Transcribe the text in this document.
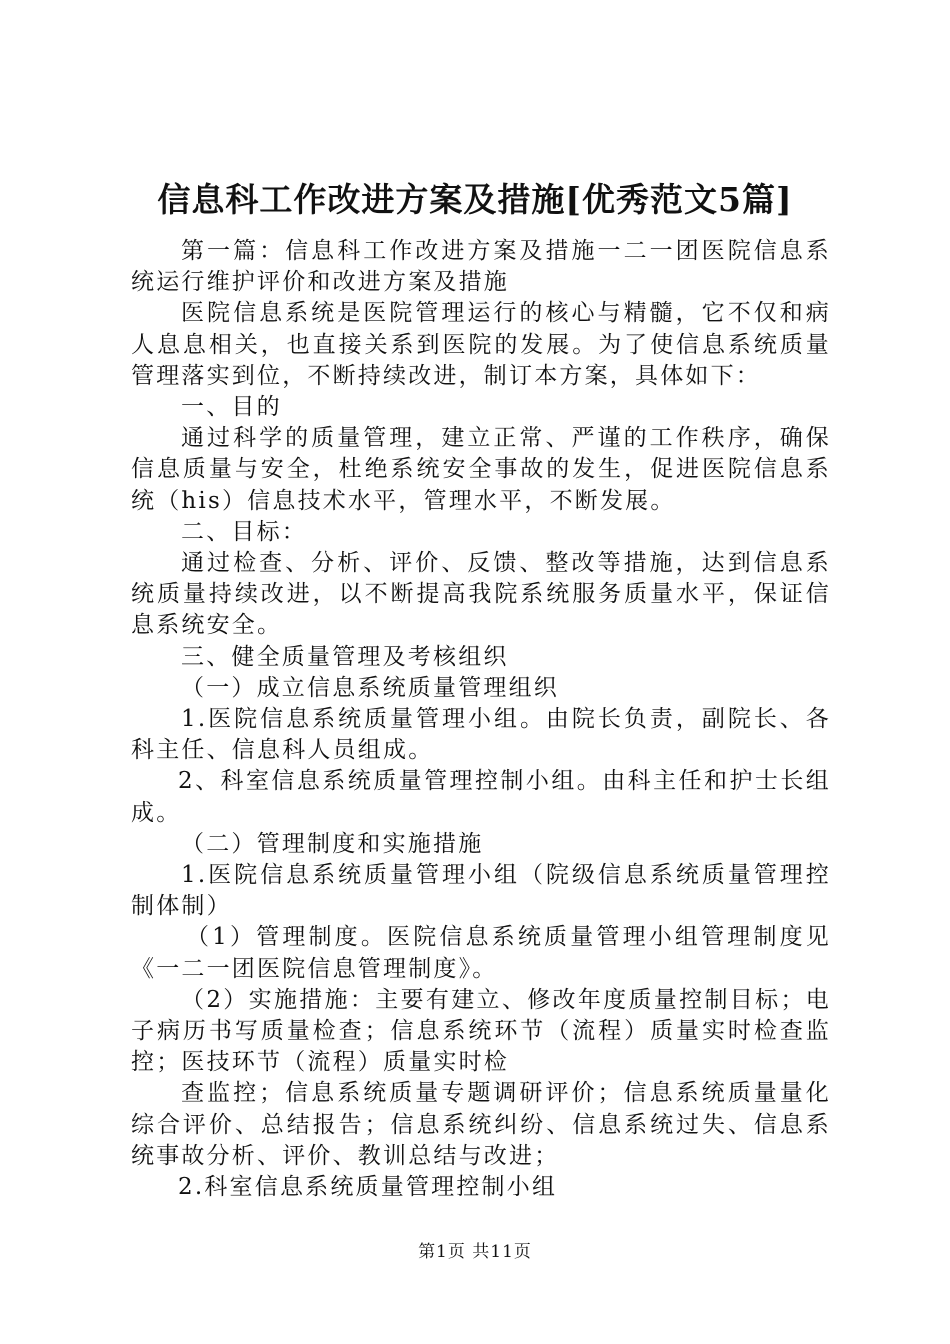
信息科工作改进方案及措施[优秀范文5篇]

第一篇：信息科工作改进方案及措施一二一团医院信息系统运行维护评价和改进方案及措施

医院信息系统是医院管理运行的核心与精髓，它不仅和病人息息相关，也直接关系到医院的发展。为了使信息系统质量管理落实到位，不断持续改进，制订本方案，具体如下：

一、目的

通过科学的质量管理，建立正常、严谨的工作秩序，确保信息质量与安全，杜绝系统安全事故的发生，促进医院信息系统（his）信息技术水平，管理水平，不断发展。

二、目标：

通过检查、分析、评价、反馈、整改等措施，达到信息系统质量持续改进，以不断提高我院系统服务质量水平，保证信息系统安全。

三、健全质量管理及考核组织

（一）成立信息系统质量管理组织

1.医院信息系统质量管理小组。由院长负责，副院长、各科主任、信息科人员组成。

2、科室信息系统质量管理控制小组。由科主任和护士长组成。

（二）管理制度和实施措施

1.医院信息系统质量管理小组（院级信息系统质量管理控制体制）

（1）管理制度。医院信息系统质量管理小组管理制度见《一二一团医院信息管理制度》。

（2）实施措施：主要有建立、修改年度质量控制目标；电子病历书写质量检查；信息系统环节（流程）质量实时检查监控；医技环节（流程）质量实时检

查监控；信息系统质量专题调研评价；信息系统质量量化综合评价、总结报告；信息系统纠纷、信息系统过失、信息系统事故分析、评价、教训总结与改进；

2.科室信息系统质量管理控制小组

第1页 共11页
